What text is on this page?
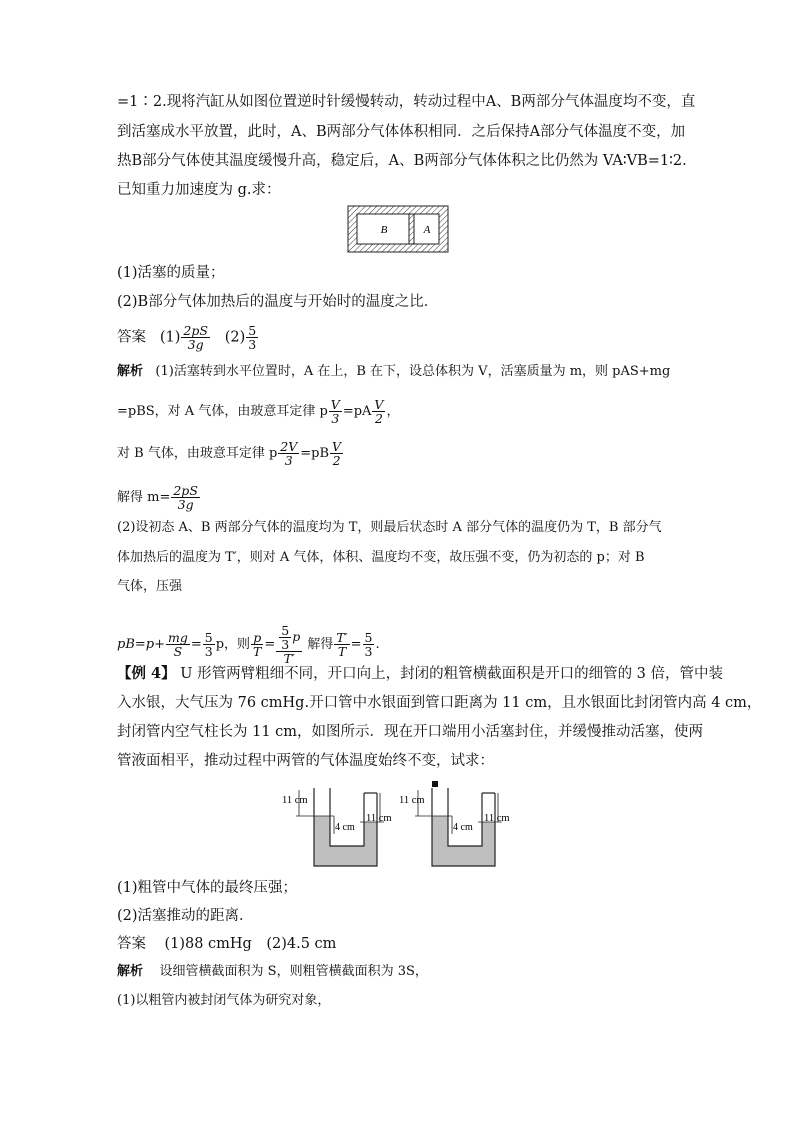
=1∶2.现将汽缸从如图位置逆时针缓慢转动，转动过程中A、B两部分气体温度均不变，直
到活塞成水平放置，此时，A、B两部分气体体积相同．之后保持A部分气体温度不变，加
热B部分气体使其温度缓慢升高，稳定后，A、B两部分气体体积之比仍然为 VA∶VB=1∶2.
已知重力加速度为 g.求：
B	A
(1)活塞的质量；
(2)B部分气体加热后的温度与开始时的温度之比．
答案 $(1) \frac{2pS}{3g} (2) \frac{5}{3}$
解析 (1)活塞转到水平位置时，A 在上，B 在下，设总体积为 V，活塞质量为 m，则 pAS+mg
=pBS，对 A 气体，由玻意耳定律 p $\frac{V}{3} =pA \frac{V}{2}$ ，
对 B 气体，由玻意耳定律 p $\frac{2V}{3} =pB \frac{V}{2}$
解得 $m= \frac{2pS}{3g}$
(2)设初态 A、B 两部分气体的温度均为 T，则最后状态时 A 部分气体的温度仍为 T，B 部分气
体加热后的温度为 T′，则对 A 气体，体积、温度均不变，故压强不变，仍为初态的 p；对 B
气体，压强
$pB=p+ \frac{mg}{S} = \frac{5}{3}$ p，则 $\frac{p}{T} = \frac{\frac{5}{3} p}{T'}$ 解得 $\frac{T'}{T} = \frac{5}{3}$ .
【例 4】 U 形管两臂粗细不同，开口向上，封闭的粗管横截面积是开口的细管的 3 倍，管中装
入水银，大气压为 76 cmHg.开口管中水银面到管口距离为 11 cm，且水银面比封闭管内高 4 cm，
封闭管内空气柱长为 11 cm，如图所示．现在开口端用小活塞封住，并缓慢推动活塞，使两
管液面相平，推动过程中两管的气体温度始终不变，试求：
11 cm
11 cm
4 cm
11 cm
11 cm
4 cm
(1)粗管中气体的最终压强；
(2)活塞推动的距离．
答案 (1)88 cmHg　(2)4.5 cm
解析 设细管横截面积为 S，则粗管横截面积为 3S，
(1)以粗管内被封闭气体为研究对象，
